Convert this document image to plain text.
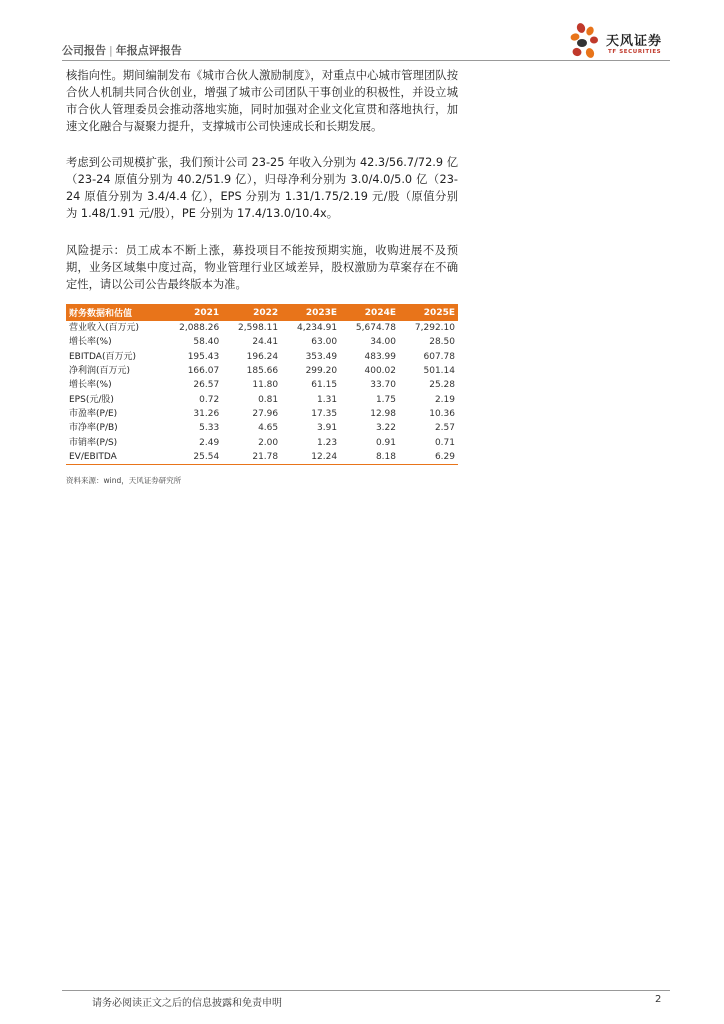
公司报告 | 年报点评报告
天风证券
TF SECURITIES

核指向性。期间编制发布《城市合伙人激励制度》，对重点中心城市管理团队按合伙人机制共同合伙创业，增强了城市公司团队干事创业的积极性，并设立城市合伙人管理委员会推动落地实施，同时加强对企业文化宣贯和落地执行，加速文化融合与凝聚力提升，支撑城市公司快速成长和长期发展。

考虑到公司规模扩张，我们预计公司 23-25 年收入分别为 42.3/56.7/72.9 亿（23-24 原值分别为 40.2/51.9 亿），归母净利分别为 3.0/4.0/5.0 亿（23-24 原值分别为 3.4/4.4 亿），EPS 分别为 1.31/1.75/2.19 元/股（原值分别为 1.48/1.91 元/股），PE 分别为 17.4/13.0/10.4x。

风险提示：员工成本不断上涨，募投项目不能按预期实施，收购进展不及预期，业务区域集中度过高，物业管理行业区域差异，股权激励为草案存在不确定性，请以公司公告最终版本为准。

财务数据和估值	2021	2022	2023E	2024E	2025E
营业收入(百万元)	2,088.26	2,598.11	4,234.91	5,674.78	7,292.10
增长率(%)	58.40	24.41	63.00	34.00	28.50
EBITDA(百万元)	195.43	196.24	353.49	483.99	607.78
净利润(百万元)	166.07	185.66	299.20	400.02	501.14
增长率(%)	26.57	11.80	61.15	33.70	25.28
EPS(元/股)	0.72	0.81	1.31	1.75	2.19
市盈率(P/E)	31.26	27.96	17.35	12.98	10.36
市净率(P/B)	5.33	4.65	3.91	3.22	2.57
市销率(P/S)	2.49	2.00	1.23	0.91	0.71
EV/EBITDA	25.54	21.78	12.24	8.18	6.29
资料来源：wind，天风证券研究所
请务必阅读正文之后的信息披露和免责申明	2
